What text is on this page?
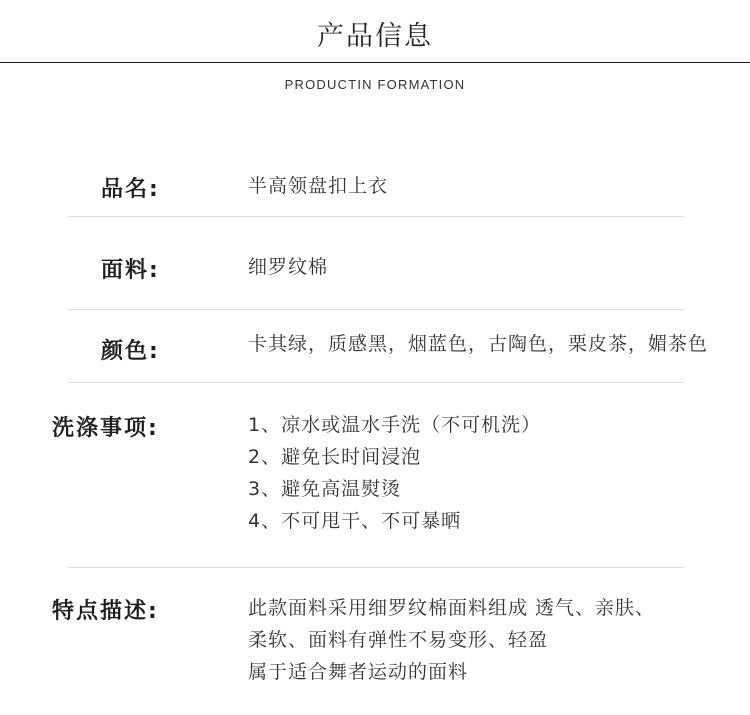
产品信息
PRODUCTIN FORMATION
品名:	半高领盘扣上衣
面料:	细罗纹棉
颜色:	卡其绿，质感黑，烟蓝色，古陶色，栗皮茶，媚茶色
洗涤事项:	1、凉水或温水手洗（不可机洗）
2、避免长时间浸泡
3、避免高温熨烫
4、不可甩干、不可暴晒
特点描述:	此款面料采用细罗纹棉面料组成 透气、亲肤、
柔软、面料有弹性不易变形、轻盈
属于适合舞者运动的面料
